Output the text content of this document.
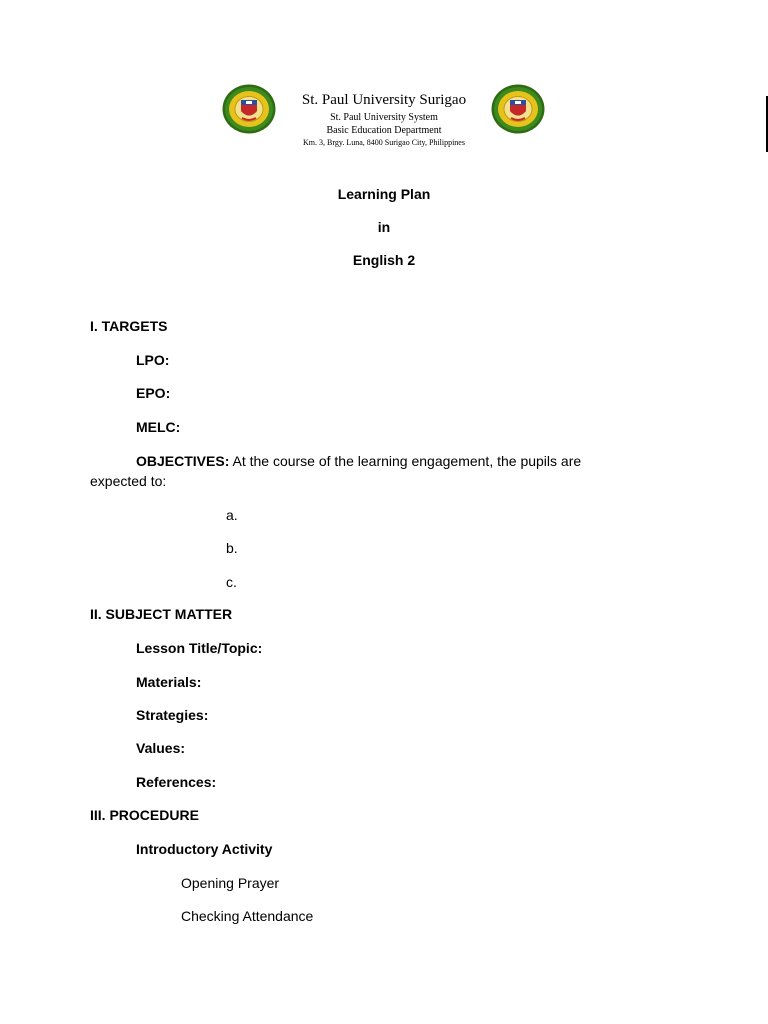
St. Paul University Surigao
St. Paul University System
Basic Education Department
Km. 3, Brgy. Luna, 8400 Surigao City, Philippines
Learning Plan
in
English 2
I. TARGETS
LPO:
EPO:
MELC:
OBJECTIVES: At the course of the learning engagement, the pupils are
expected to:
a.
b.
c.
II. SUBJECT MATTER
Lesson Title/Topic:
Materials:
Strategies:
Values:
References:
III. PROCEDURE
Introductory Activity
Opening Prayer
Checking Attendance
